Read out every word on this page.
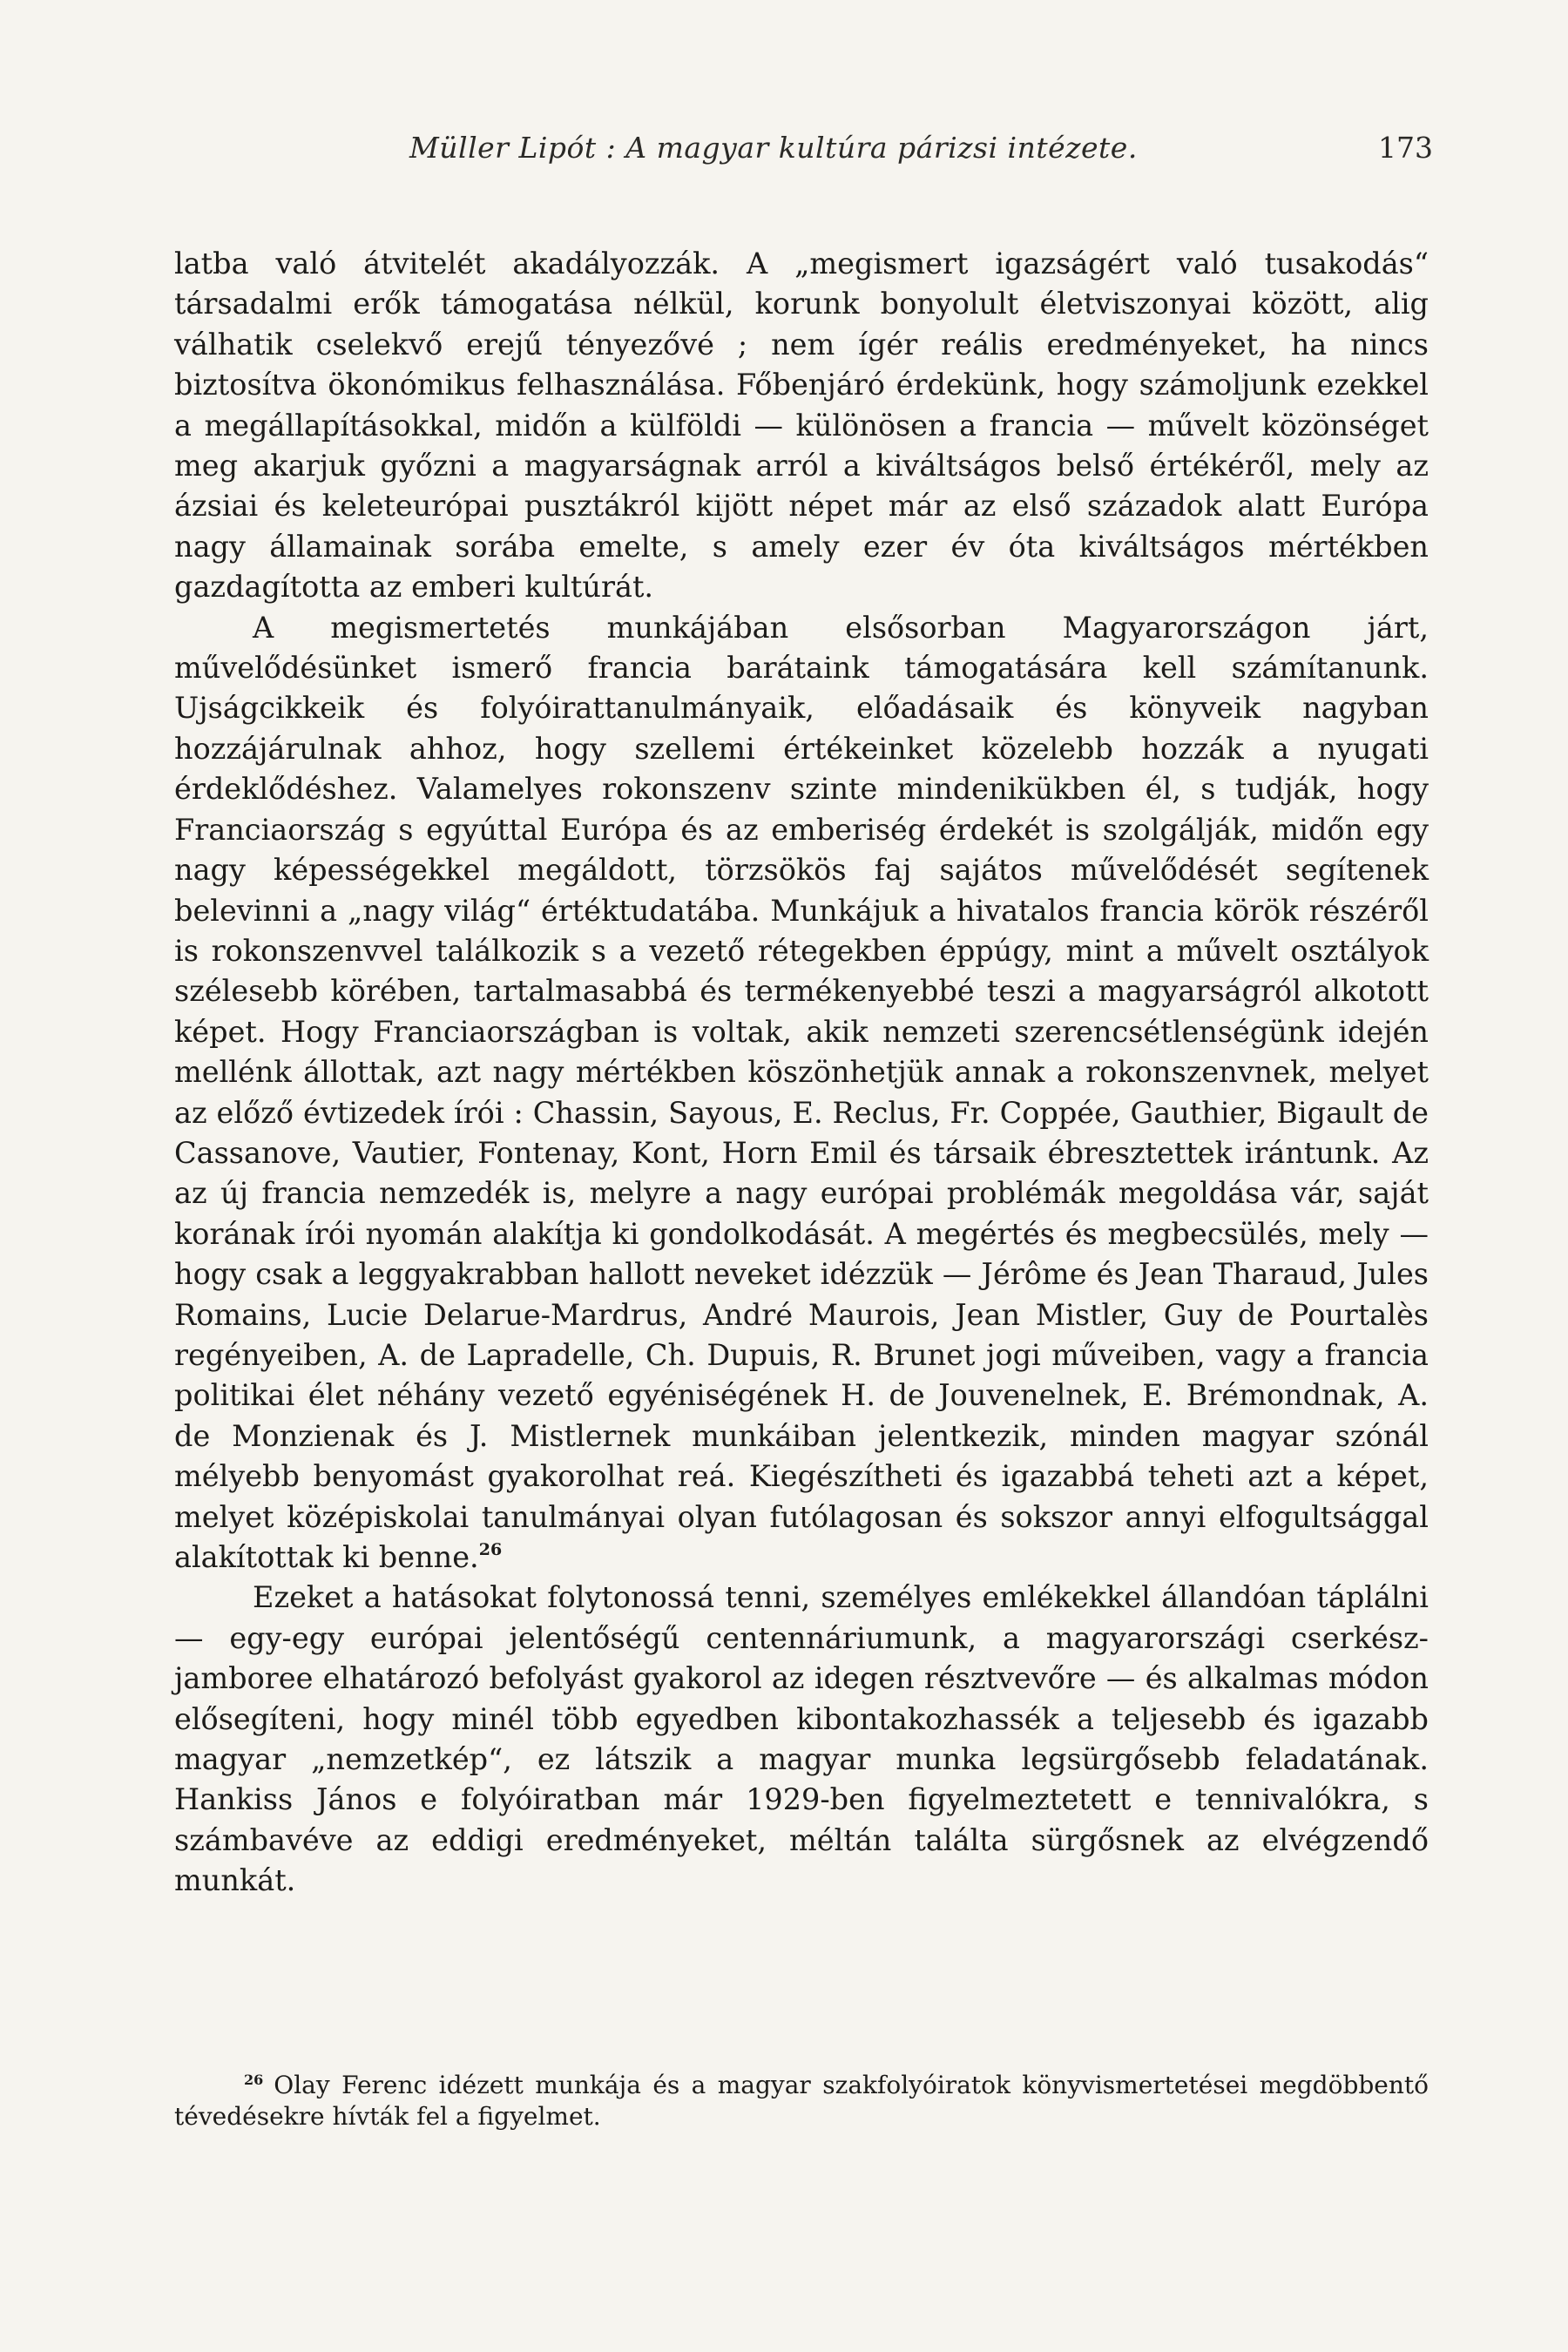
Müller Lipót : A magyar kultúra párizsi intézete.	173

latba való átvitelét akadályozzák. A „megismert igazságért való tusakodás“ társadalmi erők támogatása nélkül, korunk bonyolult életviszonyai között, alig válhatik cselekvő erejű tényezővé ; nem ígér reális eredményeket, ha nincs biztosítva ökonómikus felhasználása. Főbenjáró érdekünk, hogy számoljunk ezekkel a megállapításokkal, midőn a külföldi — különösen a francia — művelt közönséget meg akarjuk győzni a magyarságnak arról a kiváltságos belső értékéről, mely az ázsiai és keleteurópai pusztákról kijött népet már az első századok alatt Európa nagy államainak sorába emelte, s amely ezer év óta kiváltságos mértékben gazdagította az emberi kultúrát.

A megismertetés munkájában elsősorban Magyarországon járt, művelődésünket ismerő francia barátaink támogatására kell számítanunk. Ujságcikkeik és folyóirattanulmányaik, előadásaik és könyveik nagyban hozzájárulnak ahhoz, hogy szellemi értékeinket közelebb hozzák a nyugati érdeklődéshez. Valamelyes rokonszenv szinte mindenikükben él, s tudják, hogy Franciaország s egyúttal Európa és az emberiség érdekét is szolgálják, midőn egy nagy képességekkel megáldott, törzsökös faj sajátos művelődését segítenek belevinni a „nagy világ“ értéktudatába. Munkájuk a hivatalos francia körök részéről is rokonszenvvel találkozik s a vezető rétegekben éppúgy, mint a művelt osztályok szélesebb körében, tartalmasabbá és termékenyebbé teszi a magyarságról alkotott képet. Hogy Franciaországban is voltak, akik nemzeti szerencsétlenségünk idején mellénk állottak, azt nagy mértékben köszönhetjük annak a rokonszenvnek, melyet az előző évtizedek írói : Chassin, Sayous, E. Reclus, Fr. Coppée, Gauthier, Bigault de Cassanove, Vautier, Fontenay, Kont, Horn Emil és társaik ébresztettek irántunk. Az az új francia nemzedék is, melyre a nagy európai problémák megoldása vár, saját korának írói nyomán alakítja ki gondolkodását. A megértés és megbecsülés, mely — hogy csak a leggyakrabban hallott neveket idézzük — Jérôme és Jean Tharaud, Jules Romains, Lucie Delarue-Mardrus, André Maurois, Jean Mistler, Guy de Pourtalès regényeiben, A. de Lapradelle, Ch. Dupuis, R. Brunet jogi műveiben, vagy a francia politikai élet néhány vezető egyéniségének H. de Jouvenelnek, E. Brémondnak, A. de Monzienak és J. Mistlernek munkáiban jelentkezik, minden magyar szónál mélyebb benyomást gyakorolhat reá. Kiegészítheti és igazabbá teheti azt a képet, melyet középiskolai tanulmányai olyan futólagosan és sokszor annyi elfogultsággal alakítottak ki benne.$^{26}$

Ezeket a hatásokat folytonossá tenni, személyes emlékekkel állandóan táplálni — egy-egy európai jelentőségű centennáriumunk, a magyarországi cserkész-jamboree elhatározó befolyást gyakorol az idegen résztvevőre — és alkalmas módon elősegíteni, hogy minél több egyedben kibontakozhassék a teljesebb és igazabb magyar „nemzetkép“, ez látszik a magyar munka legsürgősebb feladatának. Hankiss János e folyóiratban már 1929-ben figyelmeztetett e tennivalókra, s számbavéve az eddigi eredményeket, méltán találta sürgősnek az elvégzendő munkát.

$^{26}$ Olay Ferenc idézett munkája és a magyar szakfolyóiratok könyvismertetései megdöbbentő tévedésekre hívták fel a figyelmet.
